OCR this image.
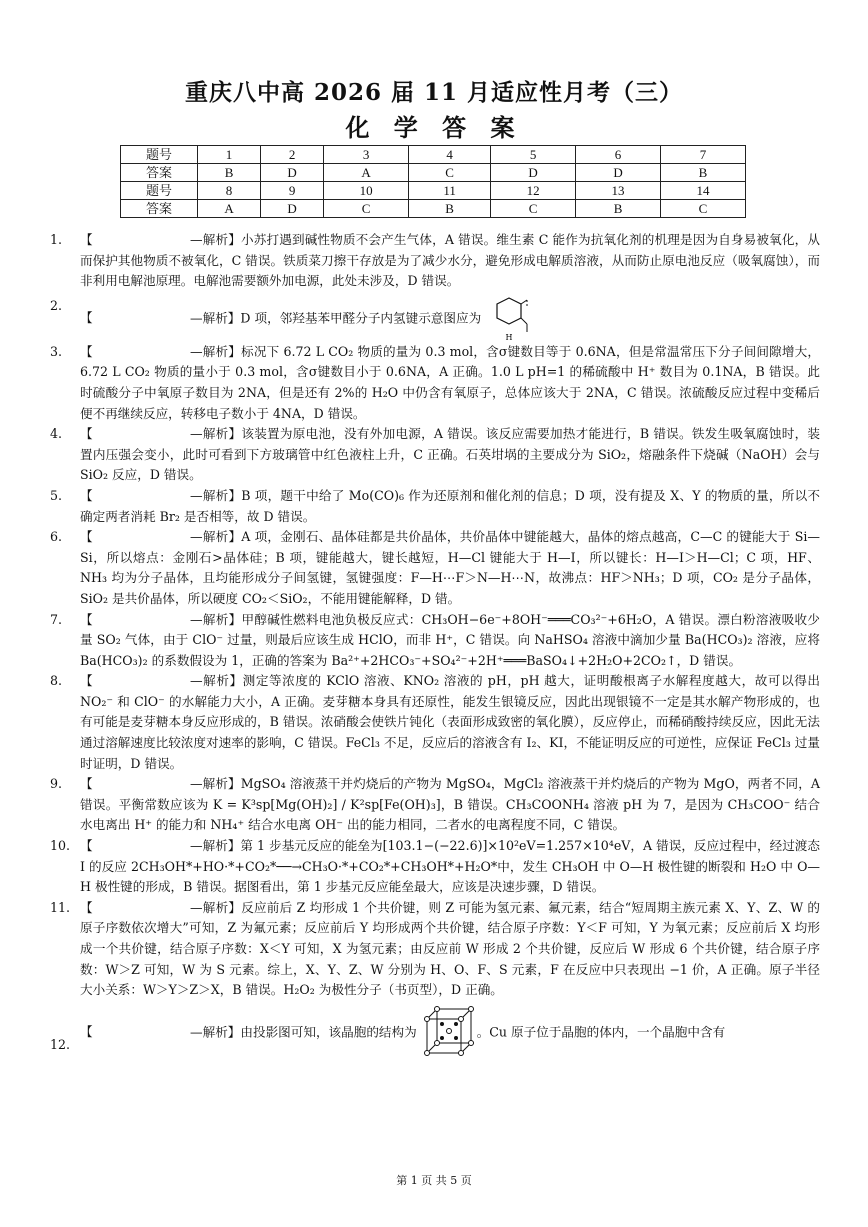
重庆八中高 2026 届 11 月适应性月考（三）
化 学 答 案
题号	1	2	3	4	5	6	7
答案	B	D	A	C	D	D	B
题号	8	9	10	11	12	13	14
答案	A	D	C	B	C	B	C
1. 【	—解析】小苏打遇到碱性物质不会产生气体，A 错误。维生素 C 能作为抗氧化剂的机理是因为自身易被氧化，从而保护其他物质不被氧化，C 错误。铁质菜刀擦干存放是为了减少水分，避免形成电解质溶液，从而防止原电池反应（吸氧腐蚀），而非利用电解池原理。电解池需要额外加电源，此处未涉及，D 错误。
2.
【	—解析】D 项，邻羟基苯甲醛分子内氢键示意图应为
H
3. 【	—解析】标况下 6.72 L CO₂ 物质的量为 0.3 mol，含σ键数目等于 0.6NA，但是常温常压下分子间间隙增大，6.72 L CO₂ 物质的量小于 0.3 mol，含σ键数目小于 0.6NA，A 正确。1.0 L pH=1 的稀硫酸中 H⁺ 数目为 0.1NA，B 错误。此时硫酸分子中氧原子数目为 2NA，但是还有 2%的 H₂O 中仍含有氧原子，总体应该大于 2NA，C 错误。浓硫酸反应过程中变稀后便不再继续反应，转移电子数小于 4NA，D 错误。
4. 【	—解析】该装置为原电池，没有外加电源，A 错误。该反应需要加热才能进行，B 错误。铁发生吸氧腐蚀时，装置内压强会变小，此时可看到下方玻璃管中红色液柱上升，C 正确。石英坩埚的主要成分为 SiO₂，熔融条件下烧碱（NaOH）会与 SiO₂ 反应，D 错误。
5. 【	—解析】B 项，题干中给了 Mo(CO)₆ 作为还原剂和催化剂的信息；D 项，没有提及 X、Y 的物质的量，所以不确定两者消耗 Br₂ 是否相等，故 D 错误。
6. 【	—解析】A 项，金刚石、晶体硅都是共价晶体，共价晶体中键能越大，晶体的熔点越高，C—C 的键能大于 Si—Si，所以熔点：金刚石>晶体硅；B 项，键能越大，键长越短，H—Cl 键能大于 H—I，所以键长：H—I＞H—Cl；C 项，HF、NH₃ 均为分子晶体，且均能形成分子间氢键，氢键强度：F—H⋯F＞N—H⋯N，故沸点：HF＞NH₃；D 项，CO₂ 是分子晶体，SiO₂ 是共价晶体，所以硬度 CO₂＜SiO₂，不能用键能解释，D 错。
7. 【	—解析】甲醇碱性燃料电池负极反应式：CH₃OH−6e⁻+8OH⁻═══CO₃²⁻+6H₂O，A 错误。漂白粉溶液吸收少量 SO₂ 气体，由于 ClO⁻ 过量，则最后应该生成 HClO，而非 H⁺，C 错误。向 NaHSO₄ 溶液中滴加少量 Ba(HCO₃)₂ 溶液，应将 Ba(HCO₃)₂ 的系数假设为 1，正确的答案为 Ba²⁺+2HCO₃⁻+SO₄²⁻+2H⁺═══BaSO₄↓+2H₂O+2CO₂↑，D 错误。
8. 【	—解析】测定等浓度的 KClO 溶液、KNO₂ 溶液的 pH，pH 越大，证明酸根离子水解程度越大，故可以得出 NO₂⁻ 和 ClO⁻ 的水解能力大小，A 正确。麦芽糖本身具有还原性，能发生银镜反应，因此出现银镜不一定是其水解产物形成的，也有可能是麦芽糖本身反应形成的，B 错误。浓硝酸会使铁片钝化（表面形成致密的氧化膜），反应停止，而稀硝酸持续反应，因此无法通过溶解速度比较浓度对速率的影响，C 错误。FeCl₃ 不足，反应后的溶液含有 I₂、KI，不能证明反应的可逆性，应保证 FeCl₃ 过量时证明，D 错误。
9. 【	—解析】MgSO₄ 溶液蒸干并灼烧后的产物为 MgSO₄，MgCl₂ 溶液蒸干并灼烧后的产物为 MgO，两者不同，A 错误。平衡常数应该为 K = K³sp[Mg(OH)₂] / K²sp[Fe(OH)₃]，B 错误。CH₃COONH₄ 溶液 pH 为 7，是因为 CH₃COO⁻ 结合水电离出 H⁺ 的能力和 NH₄⁺ 结合水电离 OH⁻ 出的能力相同，二者水的电离程度不同，C 错误。
10. 【	—解析】第 1 步基元反应的能垒为[103.1−(−22.6)]×10²eV=1.257×10⁴eV，A 错误，反应过程中，经过渡态 I 的反应 2CH₃OH*+HO·*+CO₂*──→CH₃O·*+CO₂*+CH₃OH*+H₂O*中，发生 CH₃OH 中 O—H 极性键的断裂和 H₂O 中 O—H 极性键的形成，B 错误。据图看出，第 1 步基元反应能垒最大，应该是决速步骤，D 错误。
11. 【	—解析】反应前后 Z 均形成 1 个共价键，则 Z 可能为氢元素、氟元素，结合“短周期主族元素 X、Y、Z、W 的原子序数依次增大”可知，Z 为氟元素；反应前后 Y 均形成两个共价键，结合原子序数：Y＜F 可知，Y 为氧元素；反应前后 X 均形成一个共价键，结合原子序数：X＜Y 可知，X 为氢元素；由反应前 W 形成 2 个共价键，反应后 W 形成 6 个共价键，结合原子序数：W＞Z 可知，W 为 S 元素。综上，X、Y、Z、W 分别为 H、O、F、S 元素，F 在反应中只表现出 −1 价，A 正确。原子半径大小关系：W＞Y＞Z＞X，B 错误。H₂O₂ 为极性分子（书页型），D 正确。
12.
【	—解析】由投影图可知，该晶胞的结构为	。Cu 原子位于晶胞的体内，一个晶胞中含有
第 1 页 共 5 页
